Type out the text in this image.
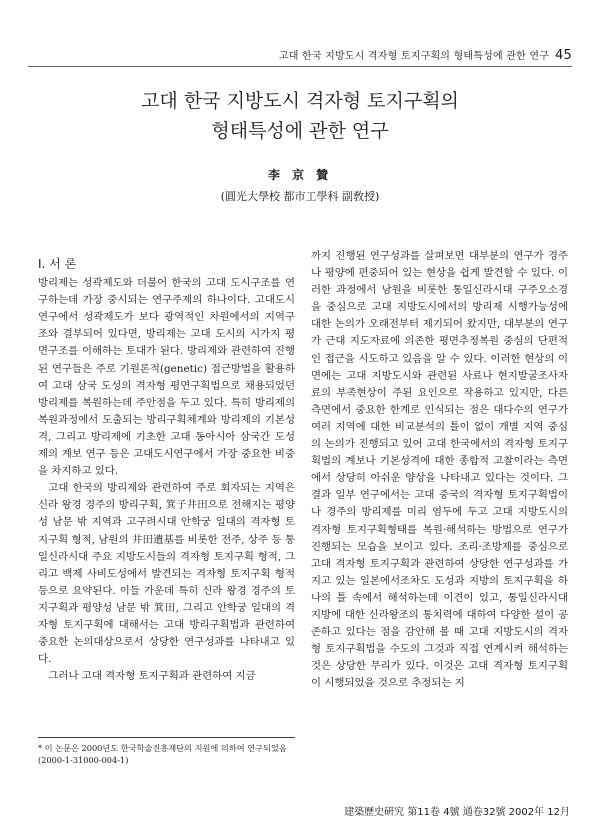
고대 한국 지방도시 격자형 토지구획의 형태특성에 관한 연구 45
고대 한국 지방도시 격자형 토지구획의
형태특성에 관한 연구
李 京 贊
(圓光大學校 都市工學科 副敎授)
Ⅰ. 서 론

방리제는 성곽제도와 더불어 한국의 고대 도시구조를 연구하는데 가장 중시되는 연구주제의 하나이다. 고대도시연구에서 성곽제도가 보다 광역적인 차원에서의 지역구조와 결부되어 있다면, 방리제는 고대 도시의 시가지 평면구조를 이해하는 토대가 된다. 방리제와 관련하여 진행된 연구들은 주로 기원론적(genetic) 접근방법을 활용하여 고대 삼국 도성의 격자형 평면구획법으로 채용되었던 방리제를 복원하는데 주안점을 두고 있다. 특히 방리제의 복원과정에서 도출되는 방리구획체계와 방리제의 기본성격, 그리고 방리제에 기초한 고대 동아시아 삼국간 도성제의 계보 연구 등은 고대도시연구에서 가장 중요한 비중을 차지하고 있다.

고대 한국의 방리제와 관련하여 주로 회자되는 지역은 신라 왕경 경주의 방리구획, 箕子井田으로 전해지는 평양성 남문 밖 지역과 고구려시대 안학궁 일대의 격자형 토지구획 형적, 남원의 井田遺基를 비롯한 전주, 상주 등 통일신라시대 주요 지방도시들의 격자형 토지구획 형적, 그리고 백제 사비도성에서 발견되는 격자형 토지구획 형적 등으로 요약된다. 이들 가운데 특히 신라 왕경 경주의 토지구획과 평양성 남문 밖 箕田, 그리고 안학궁 일대의 격자형 토지구획에 대해서는 고대 방리구획법과 관련하여 중요한 논의대상으로서 상당한 연구성과를 나타내고 있다.

그러나 고대 격자형 토지구획과 관련하여 지금

까지 진행된 연구성과를 살펴보면 대부분의 연구가 경주나 평양에 편중되어 있는 현상을 쉽게 발견할 수 있다. 이러한 과정에서 남원을 비롯한 통일신라시대 구주오소경을 중심으로 고대 지방도시에서의 방리제 시행가능성에 대한 논의가 오래전부터 제기되어 왔지만, 대부분의 연구가 근대 지도자료에 의존한 평면추정복원 중심의 단편적인 접근을 시도하고 있음을 알 수 있다. 이러한 현상의 이면에는 고대 지방도시와 관련된 사료나 현지발굴조사자료의 부족현상이 주된 요인으로 작용하고 있지만, 다른 측면에서 중요한 한계로 인식되는 점은 대다수의 연구가 여러 지역에 대한 비교분석의 틀이 없이 개별 지역 중심의 논의가 진행되고 있어 고대 한국에서의 격자형 토지구획법의 계보나 기본성격에 대한 종합적 고찰이라는 측면에서 상당히 아쉬운 양상을 나타내고 있다는 것이다. 그 결과 일부 연구에서는 고대 중국의 격자형 토지구획법이나 경주의 방리제를 미리 염두에 두고 고대 지방도시의 격자형 토지구획형태를 복원·해석하는 방법으로 연구가 진행되는 모습을 보이고 있다. 조리·조방제를 중심으로 고대 격자형 토지구획과 관련하여 상당한 연구성과를 가지고 있는 일본에서조차도 도성과 지방의 토지구획을 하나의 틀 속에서 해석하는데 이견이 있고, 통일신라시대 지방에 대한 신라왕조의 통치력에 대하여 다양한 설이 공존하고 있다는 점을 감안해 볼 때 고대 지방도시의 격자형 토지구획법을 수도의 그것과 직접 연계시켜 해석하는 것은 상당한 무리가 있다. 이것은 고대 격자형 토지구획이 시행되었을 것으로 추정되는 지

* 이 논문은 2000년도 한국학술진흥재단의 지원에 의하여 연구되었음(2000-1-31000-004-1)
建築歷史硏究 第11卷 4號 通卷32號 2002年 12月
